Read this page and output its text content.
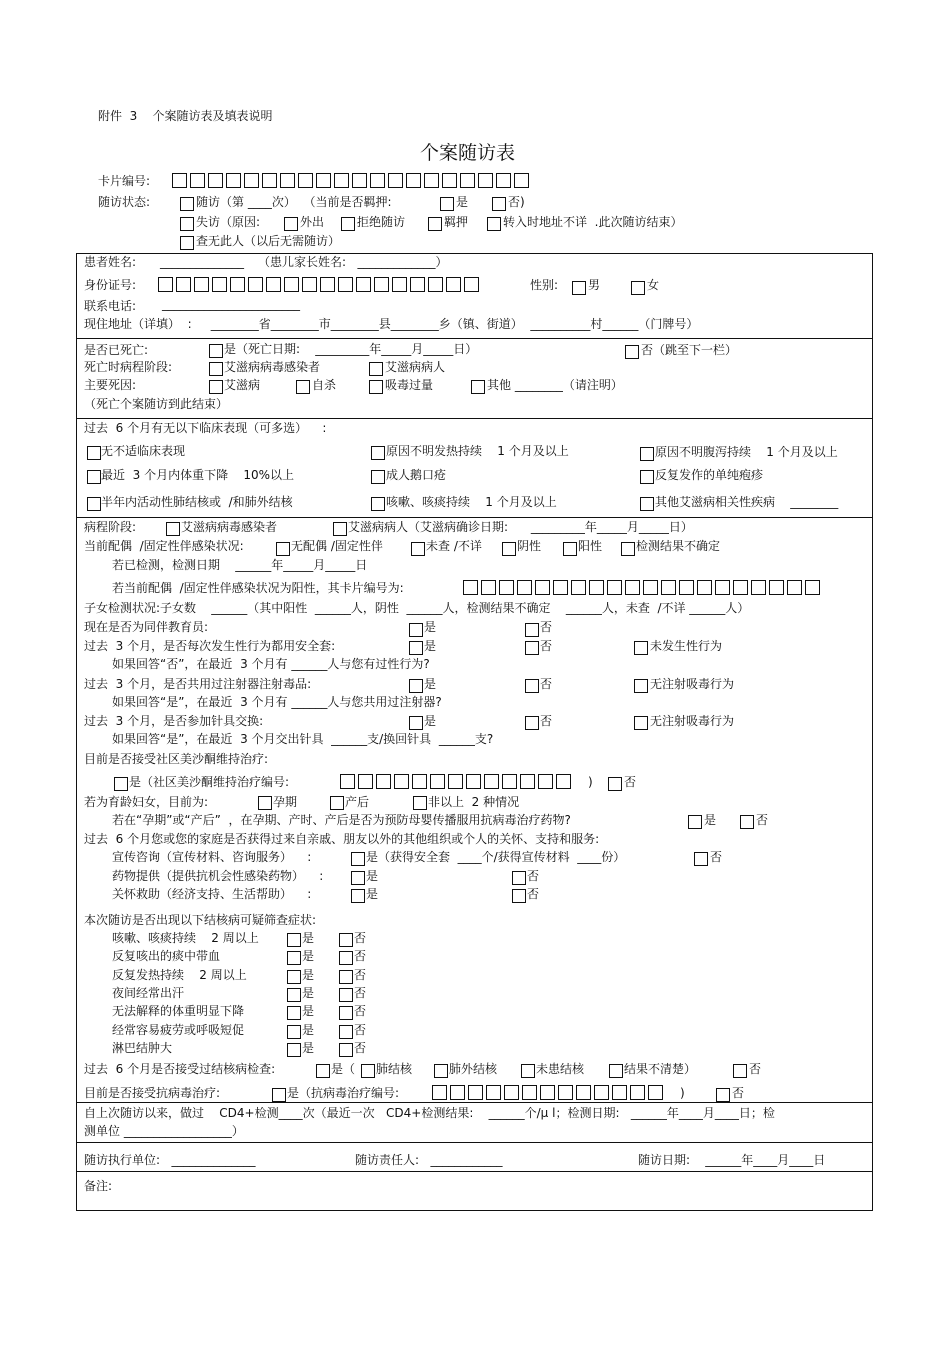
附件  3    个案随访表及填表说明
个案随访表
卡片编号:
随访状态:	随访（第 ____次）  （当前是否羁押:	是	否)
失访（原因:	外出	拒绝随访	羁押	转入时地址不详  .此次随访结束）
查无此人（以后无需随访）
患者姓名: ______________ （患儿家长姓名:   _____________）
身份证号:	性别: 男	女
联系电话: _______________________
现住地址（详填）  :     ________省________市________县________乡（镇、街道）  __________村______（门牌号）
是否已死亡:	是（死亡日期:    _________年_____月_____日）	否（跳至下一栏）
死亡时病程阶段:	艾滋病病毒感染者	艾滋病病人
主要死因:	艾滋病	自杀	吸毒过量	其他 ________（请注明）
（死亡个案随访到此结束）
过去  6 个月有无以下临床表现（可多选）    :
无不适临床表现	原因不明发热持续    1 个月及以上	原因不明腹泻持续    1 个月及以上
最近  3 个月内体重下降    10%以上	成人鹅口疮	反复发作的单纯疱疹
半年内活动性肺结核或  /和肺外结核	咳嗽、咳痰持续    1 个月及以上	其他艾滋病相关性疾病    ________
病程阶段:	艾滋病病毒感染者	艾滋病病人（艾滋病确诊日期:      _________年_____月_____日）
当前配偶  /固定性伴感染状况:	无配偶 /固定性伴	未查 /不详	阴性	阳性	检测结果不确定
若已检测，检测日期    ______年_____月_____日
若当前配偶  /固定性伴感染状况为阳性，其卡片编号为:
子女检测状况:子女数    ______（其中阳性  ______人，阴性  ______人，检测结果不确定    ______人，未查  /不详 ______人）
现在是否为同伴教育员:	是	否
过去  3 个月，是否每次发生性行为都用安全套:	是	否	未发生性行为
如果回答“否”，在最近  3 个月有 ______人与您有过性行为?
过去  3 个月，是否共用过注射器注射毒品:	是	否	无注射吸毒行为
如果回答“是”，在最近  3 个月有 ______人与您共用过注射器?
过去  3 个月，是否参加针具交换:	是	否	无注射吸毒行为
如果回答“是”，在最近  3 个月交出针具  ______支/换回针具  ______支?
目前是否接受社区美沙酮维持治疗:
是（社区美沙酮维持治疗编号:	)	否
若为育龄妇女，目前为:	孕期	产后	非以上  2 种情况
若在“孕期”或“产后”  ，在孕期、产时、产后是否为预防母婴传播服用抗病毒治疗药物?	是	否
过去  6 个月您或您的家庭是否获得过来自亲戚、朋友以外的其他组织或个人的关怀、支持和服务:
宣传咨询（宣传材料、咨询服务）    :	是（获得安全套  ____个/获得宣传材料  ____份）	否
药物提供（提供抗机会性感染药物）    :	是	否
关怀救助（经济支持、生活帮助）    :	是	否
本次随访是否出现以下结核病可疑筛查症状:
咳嗽、咳痰持续    2 周以上	是	否
反复咳出的痰中带血	是	否
反复发热持续    2 周以上	是	否
夜间经常出汗	是	否
无法解释的体重明显下降	是	否
经常容易疲劳或呼吸短促	是	否
淋巴结肿大	是	否
过去  6 个月是否接受过结核病检查:	是（ 肺结核	肺外结核	未患结核	结果不清楚）	否
目前是否接受抗病毒治疗:	是（抗病毒治疗编号:	)	否
自上次随访以来，做过    CD4+检测____次（最近一次   CD4+检测结果:    ______个/μ l；检测日期:   ______年____月____日；检
测单位 __________________）
随访执行单位:   ______________	随访责任人:   ____________	随访日期:    ______年____月____日
备注:
